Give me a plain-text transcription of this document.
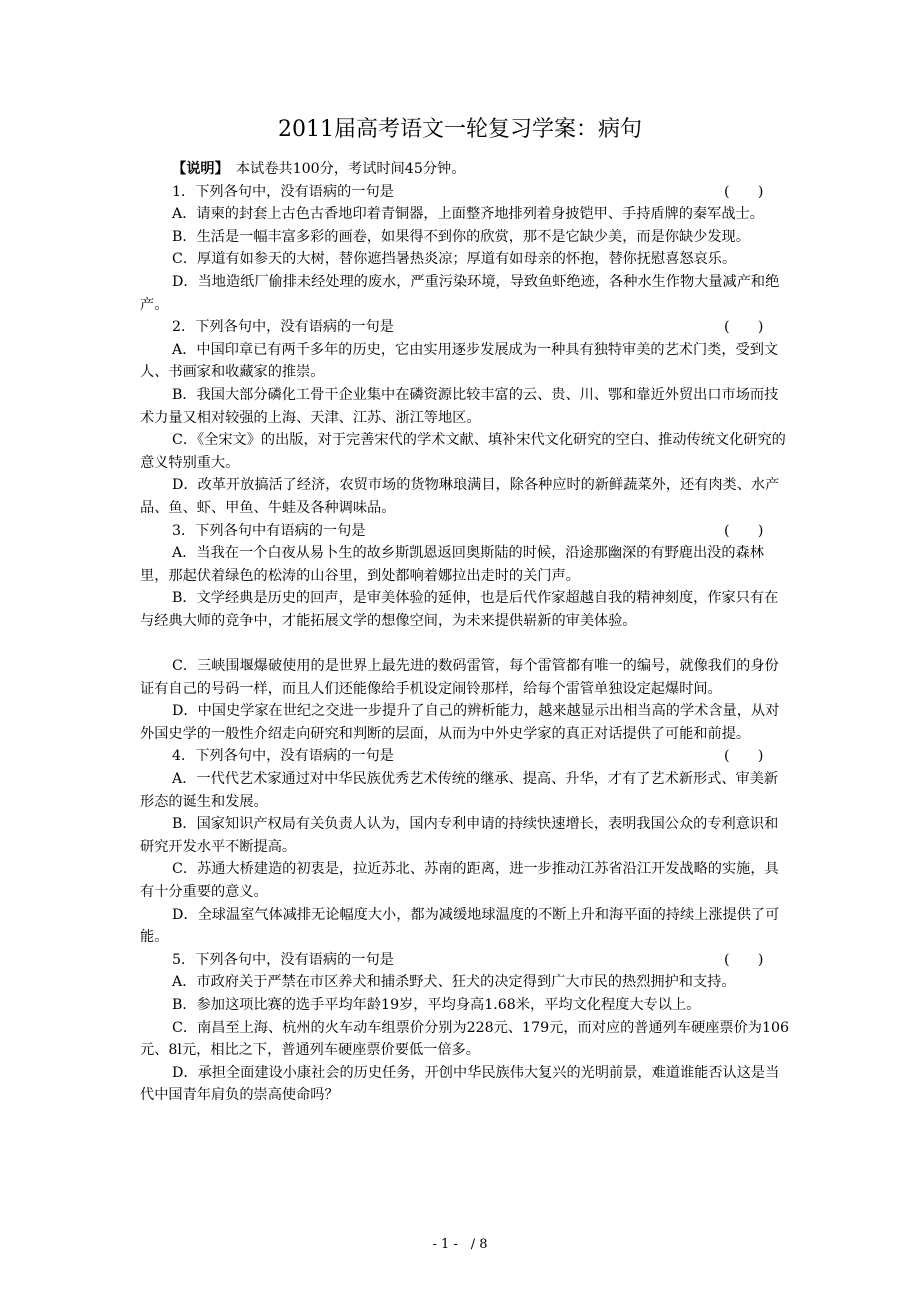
2011届高考语文一轮复习学案：病句

【说明】　本试卷共100分，考试时间45分钟。

1．下列各句中，没有语病的一句是	(　　)

A．请柬的封套上古色古香地印着青铜器，上面整齐地排列着身披铠甲、手持盾牌的秦军战士。

B．生活是一幅丰富多彩的画卷，如果得不到你的欣赏，那不是它缺少美，而是你缺少发现。

C．厚道有如参天的大树，替你遮挡暑热炎凉；厚道有如母亲的怀抱，替你抚慰喜怒哀乐。

D．当地造纸厂偷排未经处理的废水，严重污染环境，导致鱼虾绝迹，各种水生作物大量减产和绝产。

2．下列各句中，没有语病的一句是	(　　)

A．中国印章已有两千多年的历史，它由实用逐步发展成为一种具有独特审美的艺术门类，受到文人、书画家和收藏家的推崇。

B．我国大部分磷化工骨干企业集中在磷资源比较丰富的云、贵、川、鄂和靠近外贸出口市场而技术力量又相对较强的上海、天津、江苏、浙江等地区。

C．《全宋文》的出版，对于完善宋代的学术文献、填补宋代文化研究的空白、推动传统文化研究的意义特别重大。

D．改革开放搞活了经济，农贸市场的货物琳琅满目，除各种应时的新鲜蔬菜外，还有肉类、水产品、鱼、虾、甲鱼、牛蛙及各种调味品。

3．下列各句中有语病的一句是	(　　)

A．当我在一个白夜从易卜生的故乡斯凯恩返回奥斯陆的时候，沿途那幽深的有野鹿出没的森林里，那起伏着绿色的松涛的山谷里，到处都响着娜拉出走时的关门声。

B．文学经典是历史的回声，是审美体验的延伸，也是后代作家超越自我的精神刻度，作家只有在与经典大师的竞争中，才能拓展文学的想像空间，为未来提供崭新的审美体验。

C．三峡围堰爆破使用的是世界上最先进的数码雷管，每个雷管都有唯一的编号，就像我们的身份证有自己的号码一样，而且人们还能像给手机设定闹铃那样，给每个雷管单独设定起爆时间。

D．中国史学家在世纪之交进一步提升了自己的辨析能力，越来越显示出相当高的学术含量，从对外国史学的一般性介绍走向研究和判断的层面，从而为中外史学家的真正对话提供了可能和前提。

4．下列各句中，没有语病的一句是	(　　)

A．一代代艺术家通过对中华民族优秀艺术传统的继承、提高、升华，才有了艺术新形式、审美新形态的诞生和发展。

B．国家知识产权局有关负责人认为，国内专利申请的持续快速增长，表明我国公众的专利意识和研究开发水平不断提高。

C．苏通大桥建造的初衷是，拉近苏北、苏南的距离，进一步推动江苏省沿江开发战略的实施，具有十分重要的意义。

D．全球温室气体减排无论幅度大小，都为减缓地球温度的不断上升和海平面的持续上涨提供了可能。

5．下列各句中，没有语病的一句是	(　　)

A．市政府关于严禁在市区养犬和捕杀野犬、狂犬的决定得到广大市民的热烈拥护和支持。

B．参加这项比赛的选手平均年龄19岁，平均身高1.68米，平均文化程度大专以上。

C．南昌至上海、杭州的火车动车组票价分别为228元、179元，而对应的普通列车硬座票价为106元、8l元，相比之下，普通列车硬座票价要低一倍多。

D．承担全面建设小康社会的历史任务，开创中华民族伟大复兴的光明前景，难道谁能否认这是当代中国青年肩负的崇高使命吗？

- 1 -　/ 8
